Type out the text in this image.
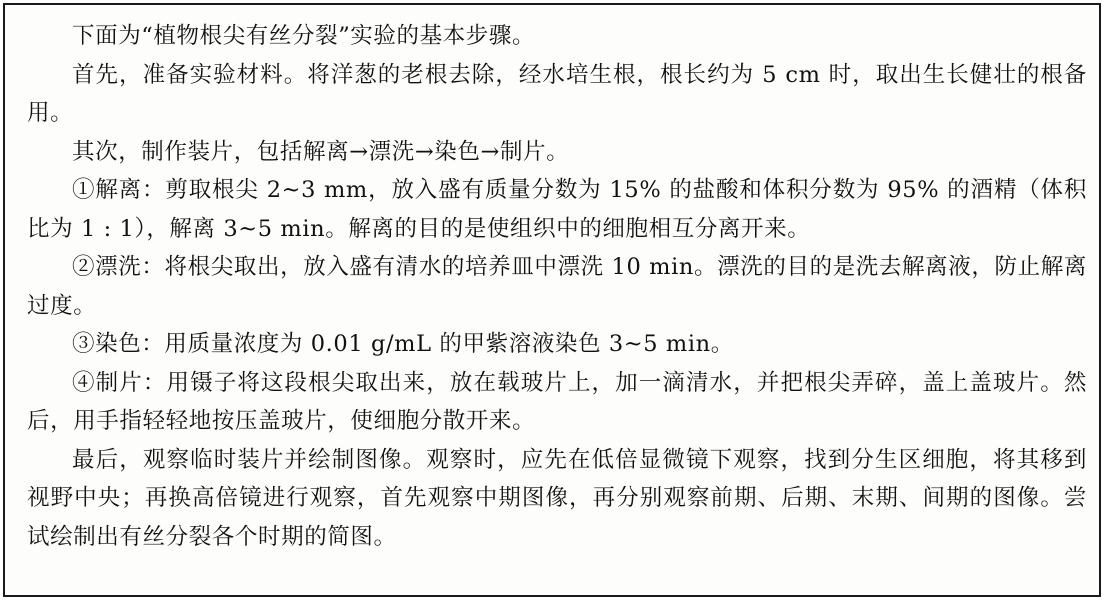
下面为“植物根尖有丝分裂”实验的基本步骤。

首先，准备实验材料。将洋葱的老根去除，经水培生根，根长约为 5 cm 时，取出生长健壮的根备用。

其次，制作装片，包括解离→漂洗→染色→制片。

①解离：剪取根尖 2~3 mm，放入盛有质量分数为 15% 的盐酸和体积分数为 95% 的酒精（体积比为 1 : 1），解离 3~5 min。解离的目的是使组织中的细胞相互分离开来。

②漂洗：将根尖取出，放入盛有清水的培养皿中漂洗 10 min。漂洗的目的是洗去解离液，防止解离过度。

③染色：用质量浓度为 0.01 g/mL 的甲紫溶液染色 3~5 min。

④制片：用镊子将这段根尖取出来，放在载玻片上，加一滴清水，并把根尖弄碎，盖上盖玻片。然后，用手指轻轻地按压盖玻片，使细胞分散开来。

最后，观察临时装片并绘制图像。观察时，应先在低倍显微镜下观察，找到分生区细胞，将其移到视野中央；再换高倍镜进行观察，首先观察中期图像，再分别观察前期、后期、末期、间期的图像。尝试绘制出有丝分裂各个时期的简图。
